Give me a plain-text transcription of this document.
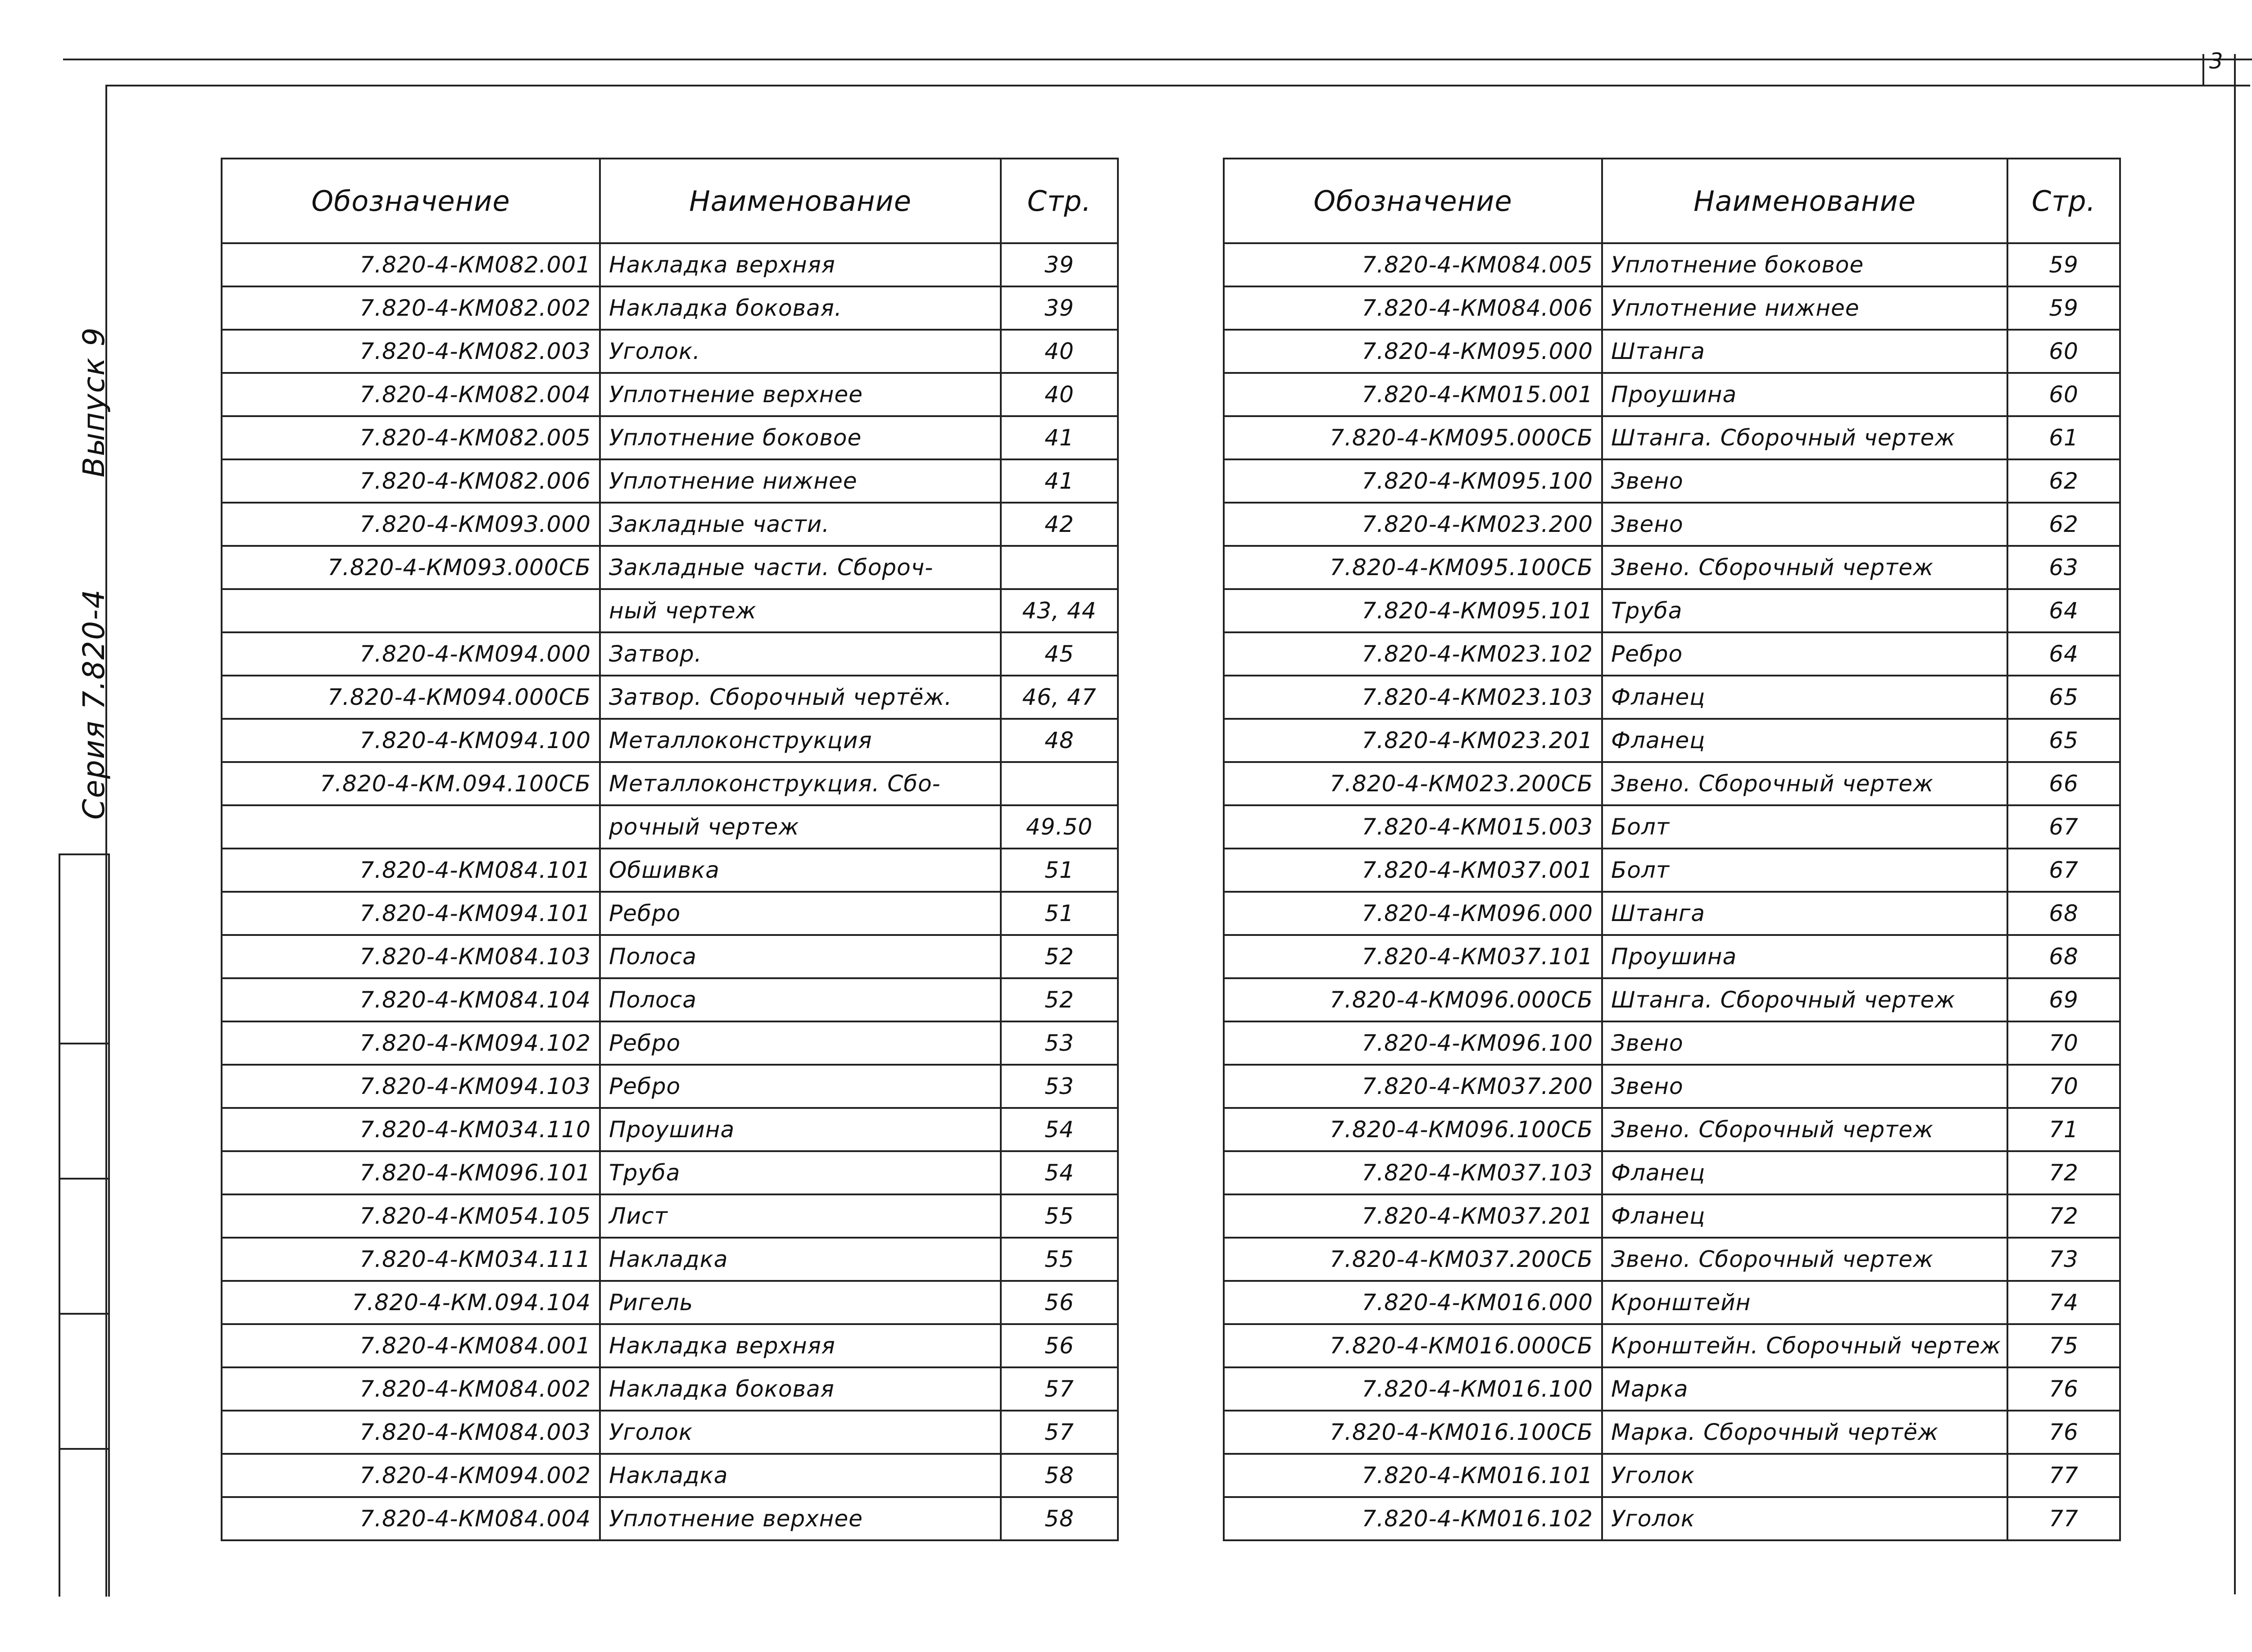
3
Серия 7.820-4
Выпуск 9
Обозначение	Наименование	Стр.
7.820-4-КМ082.001	Накладка верхняя	39
7.820-4-КМ082.002	Накладка боковая.	39
7.820-4-КМ082.003	Уголок.	40
7.820-4-КМ082.004	Уплотнение верхнее	40
7.820-4-КМ082.005	Уплотнение боковое	41
7.820-4-КМ082.006	Уплотнение нижнее	41
7.820-4-КМ093.000	Закладные части.	42
7.820-4-КМ093.000СБ	Закладные части. Сбороч-	
	ный чертеж	43, 44
7.820-4-КМ094.000	Затвор.	45
7.820-4-КМ094.000СБ	Затвор. Сборочный чертёж.	46, 47
7.820-4-КМ094.100	Металлоконструкция	48
7.820-4-КМ.094.100СБ	Металлоконструкция. Сбо-	
	рочный чертеж	49.50
7.820-4-КМ084.101	Обшивка	51
7.820-4-КМ094.101	Ребро	51
7.820-4-КМ084.103	Полоса	52
7.820-4-КМ084.104	Полоса	52
7.820-4-КМ094.102	Ребро	53
7.820-4-КМ094.103	Ребро	53
7.820-4-КМ034.110	Проушина	54
7.820-4-КМ096.101	Труба	54
7.820-4-КМ054.105	Лист	55
7.820-4-КМ034.111	Накладка	55
7.820-4-КМ.094.104	Ригель	56
7.820-4-КМ084.001	Накладка верхняя	56
7.820-4-КМ084.002	Накладка боковая	57
7.820-4-КМ084.003	Уголок	57
7.820-4-КМ094.002	Накладка	58
7.820-4-КМ084.004	Уплотнение верхнее	58
Обозначение	Наименование	Стр.
7.820-4-КМ084.005	Уплотнение боковое	59
7.820-4-КМ084.006	Уплотнение нижнее	59
7.820-4-КМ095.000	Штанга	60
7.820-4-КМ015.001	Проушина	60
7.820-4-КМ095.000СБ	Штанга. Сборочный чертеж	61
7.820-4-КМ095.100	Звено	62
7.820-4-КМ023.200	Звено	62
7.820-4-КМ095.100СБ	Звено. Сборочный чертеж	63
7.820-4-КМ095.101	Труба	64
7.820-4-КМ023.102	Ребро	64
7.820-4-КМ023.103	Фланец	65
7.820-4-КМ023.201	Фланец	65
7.820-4-КМ023.200СБ	Звено. Сборочный чертеж	66
7.820-4-КМ015.003	Болт	67
7.820-4-КМ037.001	Болт	67
7.820-4-КМ096.000	Штанга	68
7.820-4-КМ037.101	Проушина	68
7.820-4-КМ096.000СБ	Штанга. Сборочный чертеж	69
7.820-4-КМ096.100	Звено	70
7.820-4-КМ037.200	Звено	70
7.820-4-КМ096.100СБ	Звено. Сборочный чертеж	71
7.820-4-КМ037.103	Фланец	72
7.820-4-КМ037.201	Фланец	72
7.820-4-КМ037.200СБ	Звено. Сборочный чертеж	73
7.820-4-КМ016.000	Кронштейн	74
7.820-4-КМ016.000СБ	Кронштейн. Сборочный чертеж	75
7.820-4-КМ016.100	Марка	76
7.820-4-КМ016.100СБ	Марка. Сборочный чертёж	76
7.820-4-КМ016.101	Уголок	77
7.820-4-КМ016.102	Уголок	77
